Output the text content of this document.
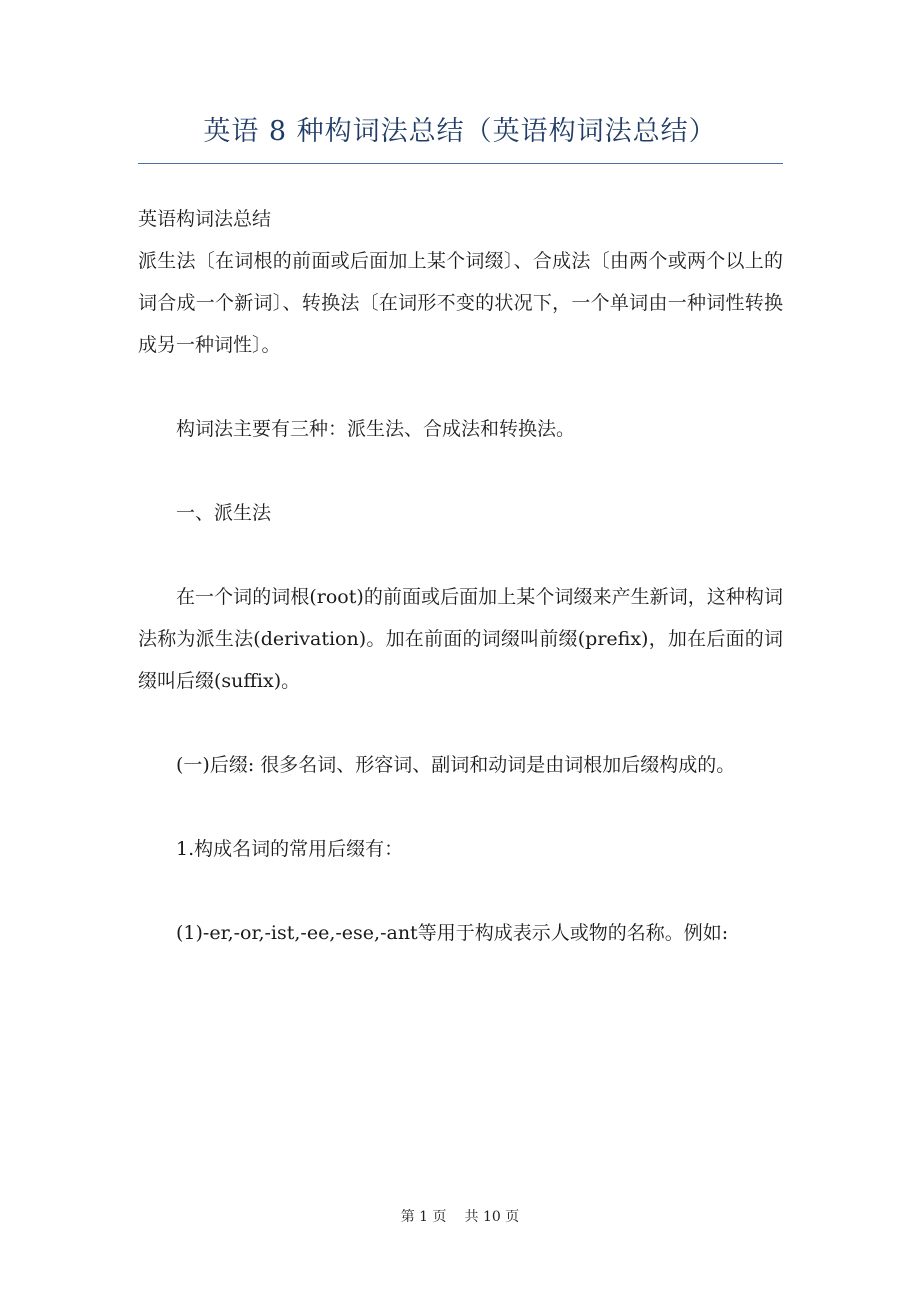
英语 8 种构词法总结（英语构词法总结）

英语构词法总结

派生法〔在词根的前面或后面加上某个词缀〕、合成法〔由两个或两个以上的词合成一个新词〕、转换法〔在词形不变的状况下，一个单词由一种词性转换成另一种词性〕。

构词法主要有三种：派生法、合成法和转换法。

一、派生法

在一个词的词根(root)的前面或后面加上某个词缀来产生新词，这种构词法称为派生法(derivation)。加在前面的词缀叫前缀(prefix)，加在后面的词缀叫后缀(suffix)。

(一)后缀: 很多名词、形容词、副词和动词是由词根加后缀构成的。

1.构成名词的常用后缀有：

(1)-er,-or,-ist,-ee,-ese,-ant等用于构成表示人或物的名称。例如:

第 1 页 共 10 页
